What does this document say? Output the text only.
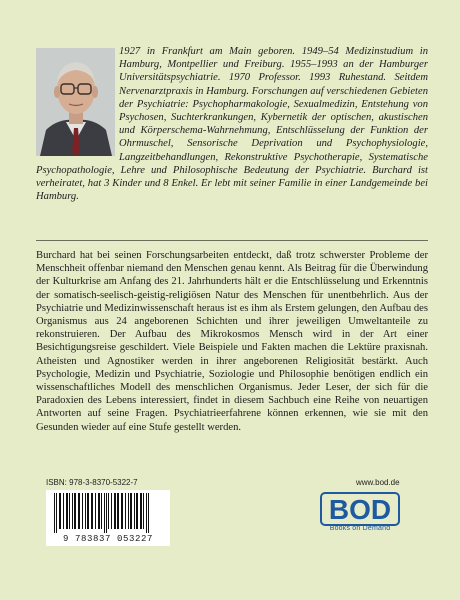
1927 in Frankfurt am Main geboren. 1949–54 Medizinstudium in Hamburg, Montpellier und Freiburg. 1955–1993 an der Hamburger Universitätspsychiatrie. 1970 Professor. 1993 Ruhestand. Seitdem Nervenarztpraxis in Hamburg. Forschungen auf verschiedenen Gebieten der Psychiatrie: Psychopharmakologie, Sexualmedizin, Entstehung von Psychosen, Suchterkrankungen, Kybernetik der optischen, akustischen und Körperschema-Wahrnehmung, Entschlüsselung der Funktion der Ohrmuschel, Sensorische Deprivation und Psychophysiologie, Langzeitbehandlungen, Rekonstruktive Psychotherapie, Systematische Psychopathologie, Lehre und Philosophische Bedeutung der Psychiatrie. Burchard ist verheiratet, hat 3 Kinder und 8 Enkel. Er lebt mit seiner Familie in einer Landgemeinde bei Hamburg.

Burchard hat bei seinen Forschungsarbeiten entdeckt, daß trotz schwerster Probleme der Menschheit offenbar niemand den Menschen genau kennt. Als Beitrag für die Überwindung der Kulturkrise am Anfang des 21. Jahrhunderts hält er die Entschlüsselung und Erkenntnis der somatisch-seelisch-geistig-religiösen Natur des Menschen für unentbehrlich. Aus der Psychiatrie und Medizinwissenschaft heraus ist es ihm als Erstem gelungen, den Aufbau des Organismus aus 24 angeborenen Schichten und ihrer jeweiligen Umweltanteile zu rekonstruieren. Der Aufbau des Mikrokosmos Mensch wird in der Art einer Besichtigungsreise geschildert. Viele Beispiele und Fakten machen die Lektüre praxisnah. Atheisten und Agnostiker werden in ihrer angeborenen Religiosität bestärkt. Auch Psychologie, Medizin und Psychiatrie, Soziologie und Philosophie benötigen endlich ein wissenschaftliches Modell des menschlichen Organismus. Jeder Leser, der sich für die Paradoxien des Lebens interessiert, findet in diesem Sachbuch eine Reihe von neuartigen Antworten auf seine Fragen. Psychiatrieerfahrene können erkennen, wie sie mit den Gesunden wieder auf eine Stufe gestellt werden.

ISBN: 978-3-8370-5322-7	www.bod.de
9 783837 053227
BOD
Books on Demand
